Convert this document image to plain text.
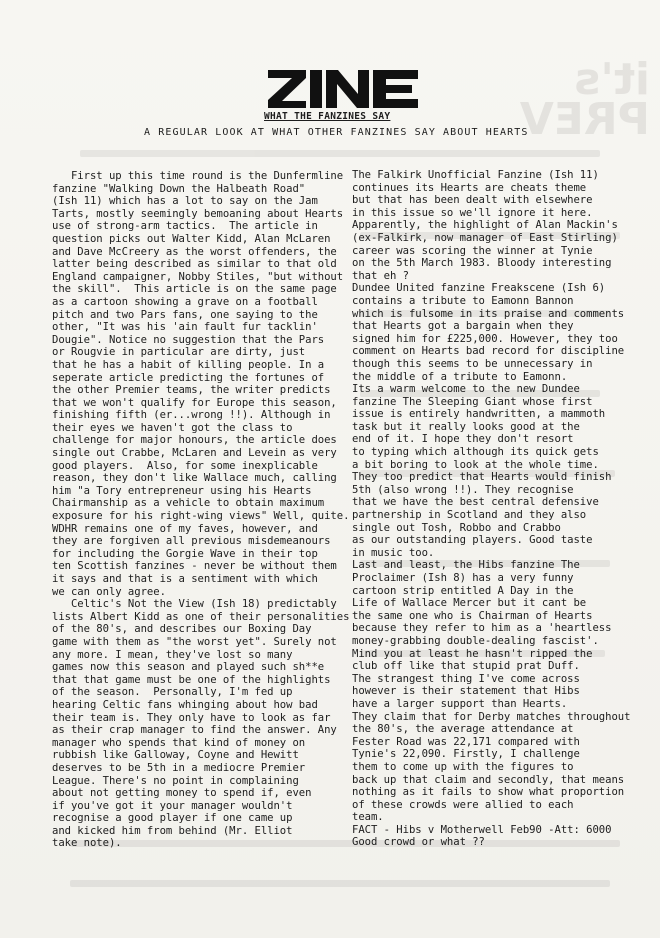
it's
PREV
WHAT THE FANZINES SAY
A REGULAR LOOK AT WHAT OTHER FANZINES SAY ABOUT HEARTS

First up this time round is the Dunfermline

fanzine "Walking Down the Halbeath Road"

(Ish 11) which has a lot to say on the Jam

Tarts, mostly seemingly bemoaning about Hearts

use of strong-arm tactics.  The article in

question picks out Walter Kidd, Alan McLaren

and Dave McCreery as the worst offenders, the

latter being described as similar to that old

England campaigner, Nobby Stiles, "but without

the skill".  This article is on the same page

as a cartoon showing a grave on a football

pitch and two Pars fans, one saying to the

other, "It was his 'ain fault fur tacklin'

Dougie". Notice no suggestion that the Pars

or Rougvie in particular are dirty, just

that he has a habit of killing people. In a

seperate article predicting the fortunes of

the other Premier teams, the writer predicts

that we won't qualify for Europe this season,

finishing fifth (er...wrong !!). Although in

their eyes we haven't got the class to

challenge for major honours, the article does

single out Crabbe, McLaren and Levein as very

good players.  Also, for some inexplicable

reason, they don't like Wallace much, calling

him "a Tory entrepreneur using his Hearts

Chairmanship as a vehicle to obtain maximum

exposure for his right-wing views" Well, quite.

WDHR remains one of my faves, however, and

they are forgiven all previous misdemeanours

for including the Gorgie Wave in their top

ten Scottish fanzines - never be without them

it says and that is a sentiment with which

we can only agree.

Celtic's Not the View (Ish 18) predictably

lists Albert Kidd as one of their personalities

of the 80's, and describes our Boxing Day

game with them as "the worst yet". Surely not

any more. I mean, they've lost so many

games now this season and played such sh**e

that that game must be one of the highlights

of the season.  Personally, I'm fed up

hearing Celtic fans whinging about how bad

their team is. They only have to look as far

as their crap manager to find the answer. Any

manager who spends that kind of money on

rubbish like Galloway, Coyne and Hewitt

deserves to be 5th in a mediocre Premier

League. There's no point in complaining

about not getting money to spend if, even

if you've got it your manager wouldn't

recognise a good player if one came up

and kicked him from behind (Mr. Elliot

take note).

The Falkirk Unofficial Fanzine (Ish 11)

continues its Hearts are cheats theme

but that has been dealt with elsewhere

in this issue so we'll ignore it here.

Apparently, the highlight of Alan Mackin's

(ex-Falkirk, now manager of East Stirling)

career was scoring the winner at Tynie

on the 5th March 1983. Bloody interesting

that eh ?

Dundee United fanzine Freakscene (Ish 6)

contains a tribute to Eamonn Bannon

which is fulsome in its praise and comments

that Hearts got a bargain when they

signed him for £225,000. However, they too

comment on Hearts bad record for discipline

though this seems to be unnecessary in

the middle of a tribute to Eamonn.

Its a warm welcome to the new Dundee

fanzine The Sleeping Giant whose first

issue is entirely handwritten, a mammoth

task but it really looks good at the

end of it. I hope they don't resort

to typing which although its quick gets

a bit boring to look at the whole time.

They too predict that Hearts would finish

5th (also wrong !!). They recognise

that we have the best central defensive

partnership in Scotland and they also

single out Tosh, Robbo and Crabbo

as our outstanding players. Good taste

in music too.

Last and least, the Hibs fanzine The

Proclaimer (Ish 8) has a very funny

cartoon strip entitled A Day in the

Life of Wallace Mercer but it cant be

the same one who is Chairman of Hearts

because they refer to him as a 'heartless

money-grabbing double-dealing fascist'.

Mind you at least he hasn't ripped the

club off like that stupid prat Duff.

The strangest thing I've come across

however is their statement that Hibs

have a larger support than Hearts.

They claim that for Derby matches throughout

the 80's, the average attendance at

Fester Road was 22,171 compared with

Tynie's 22,090. Firstly, I challenge

them to come up with the figures to

back up that claim and secondly, that means

nothing as it fails to show what proportion

of these crowds were allied to each

team.

FACT - Hibs v Motherwell Feb90 -Att: 6000

Good crowd or what ??
